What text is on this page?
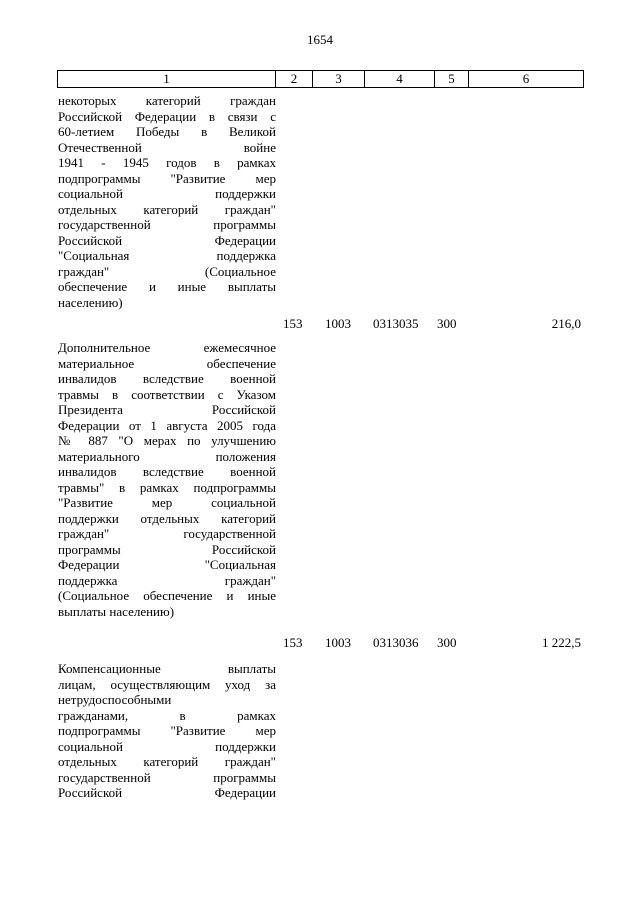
1654
1	2	3	4	5	6
некоторых категорий граждан
Российской Федерации в связи с
60-летием Победы в Великой
Отечественной войне
1941 - 1945 годов в рамках
подпрограммы "Развитие мер
социальной поддержки
отдельных категорий граждан"
государственной программы
Российской Федерации
"Социальная поддержка
граждан" (Социальное
обеспечение и иные выплаты
населению)
153 1003 0313035 300	216,0
Дополнительное ежемесячное
материальное обеспечение
инвалидов вследствие военной
травмы в соответствии с Указом
Президента Российской
Федерации от 1 августа 2005 года
№ 887 "О мерах по улучшению
материального положения
инвалидов вследствие военной
травмы" в рамках подпрограммы
"Развитие мер социальной
поддержки отдельных категорий
граждан" государственной
программы Российской
Федерации "Социальная
поддержка граждан"
(Социальное обеспечение и иные
выплаты населению)
153 1003 0313036 300	1 222,5
Компенсационные выплаты
лицам, осуществляющим уход за
нетрудоспособными
гражданами, в рамках
подпрограммы "Развитие мер
социальной поддержки
отдельных категорий граждан"
государственной программы
Российской Федерации
